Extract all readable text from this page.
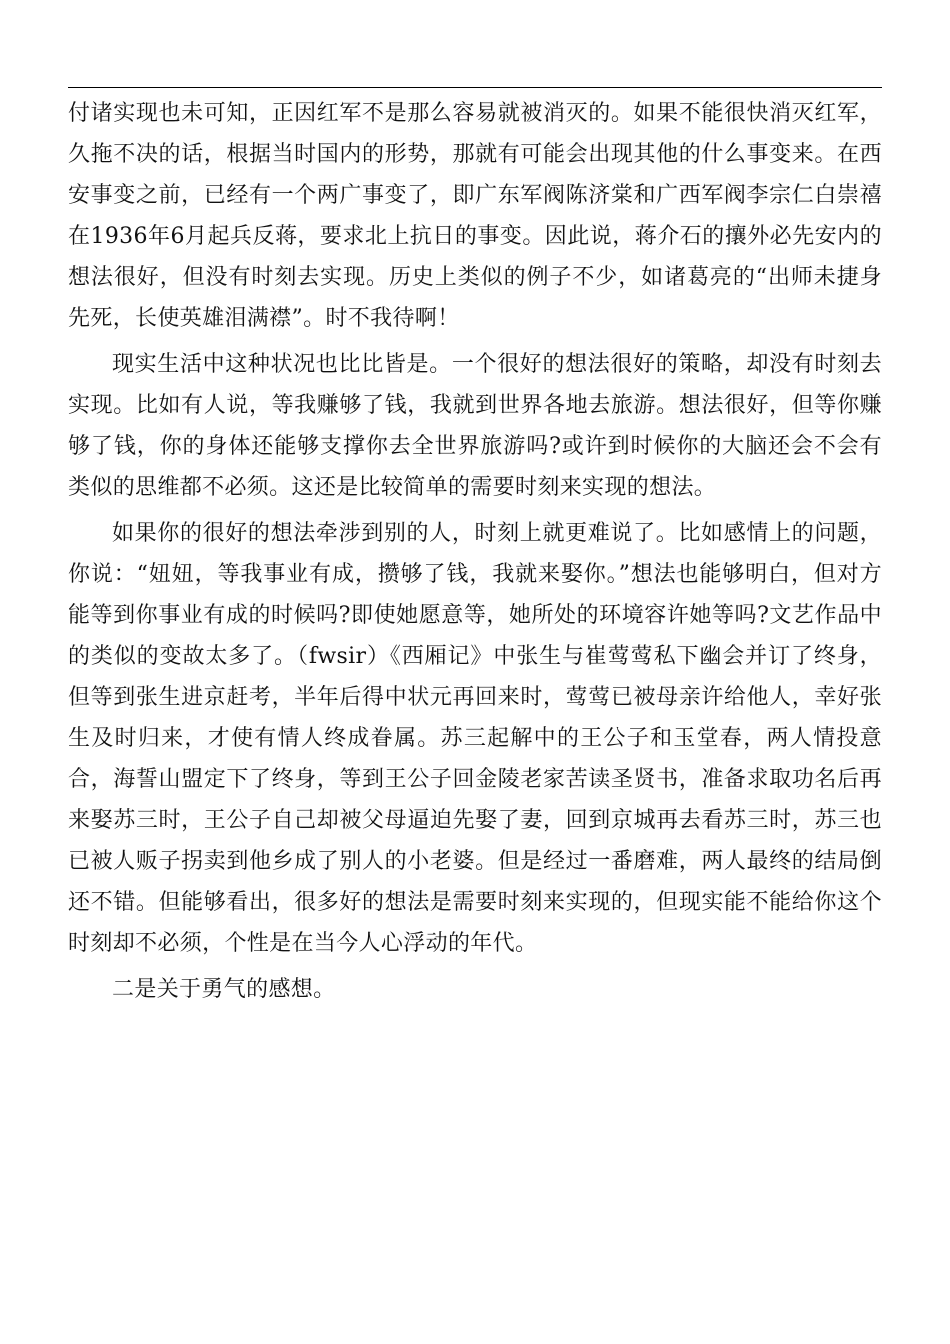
付诸实现也未可知，正因红军不是那么容易就被消灭的。如果不能很快消灭红军，久拖不决的话，根据当时国内的形势，那就有可能会出现其他的什么事变来。在西安事变之前，已经有一个两广事变了，即广东军阀陈济棠和广西军阀李宗仁白崇禧在1936年6月起兵反蒋，要求北上抗日的事变。因此说，蒋介石的攘外必先安内的想法很好，但没有时刻去实现。历史上类似的例子不少，如诸葛亮的“出师未捷身先死，长使英雄泪满襟”。时不我待啊！

现实生活中这种状况也比比皆是。一个很好的想法很好的策略，却没有时刻去实现。比如有人说，等我赚够了钱，我就到世界各地去旅游。想法很好，但等你赚够了钱，你的身体还能够支撑你去全世界旅游吗?或许到时候你的大脑还会不会有类似的思维都不必须。这还是比较简单的需要时刻来实现的想法。

如果你的很好的想法牵涉到别的人，时刻上就更难说了。比如感情上的问题，你说：“妞妞，等我事业有成，攒够了钱，我就来娶你。”想法也能够明白，但对方能等到你事业有成的时候吗?即使她愿意等，她所处的环境容许她等吗?文艺作品中的类似的变故太多了。（fwsir）《西厢记》中张生与崔莺莺私下幽会并订了终身，但等到张生进京赶考，半年后得中状元再回来时，莺莺已被母亲许给他人，幸好张生及时归来，才使有情人终成眷属。苏三起解中的王公子和玉堂春，两人情投意合，海誓山盟定下了终身，等到王公子回金陵老家苦读圣贤书，准备求取功名后再来娶苏三时，王公子自己却被父母逼迫先娶了妻，回到京城再去看苏三时，苏三也已被人贩子拐卖到他乡成了别人的小老婆。但是经过一番磨难，两人最终的结局倒还不错。但能够看出，很多好的想法是需要时刻来实现的，但现实能不能给你这个时刻却不必须，个性是在当今人心浮动的年代。

二是关于勇气的感想。
